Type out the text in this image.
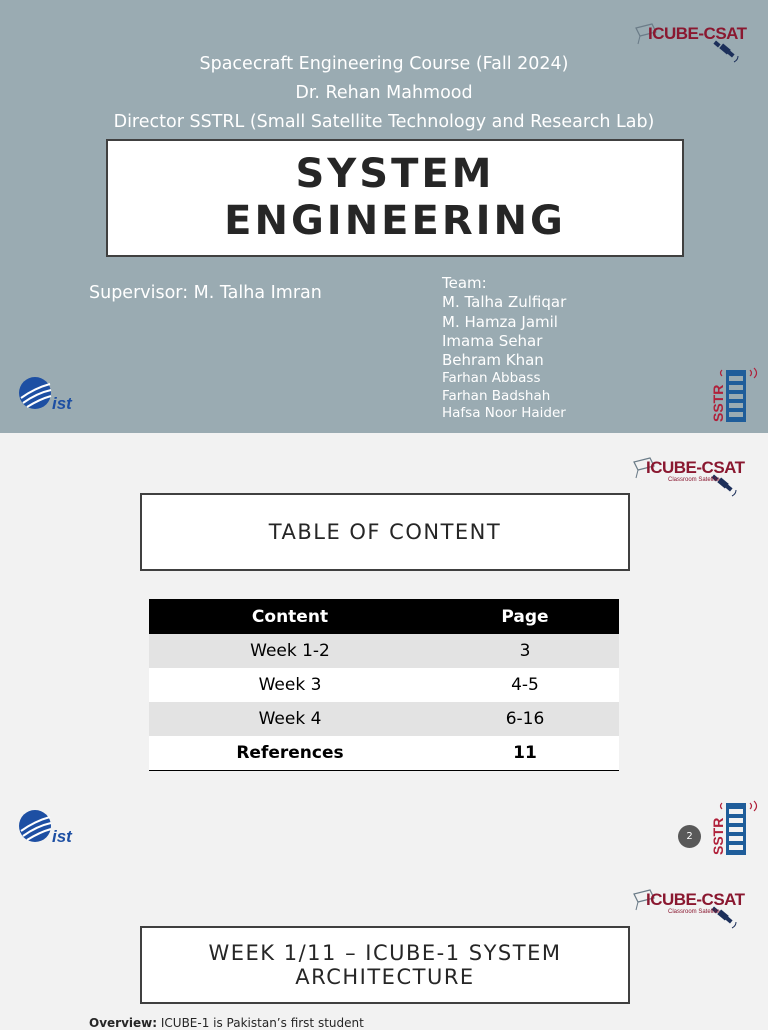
Spacecraft Engineering Course (Fall 2024)
Dr. Rehan Mahmood
Director SSTRL (Small Satellite Technology and Research Lab)
SYSTEM
ENGINEERING
Supervisor: M. Talha Imran	Team:
M. Talha Zulfiqar
M. Hamza Jamil
Imama Sehar
Behram Khan
Farhan Abbass
Farhan Badshah
Hafsa Noor Haider
ICUBE-CSAT
ICUBE-CSAT
Classroom Satellite
ICUBE-CSAT
Classroom Satellite
ist
ist
SSTR
SSTR
TABLE OF CONTENT
Content	Page
Week 1-2	3
Week 3	4-5
Week 4	6-16
References	11
2
WEEK 1/11 – ICUBE-1 SYSTEM
ARCHITECTURE
Overview: ICUBE-1 is Pakistan’s first student
